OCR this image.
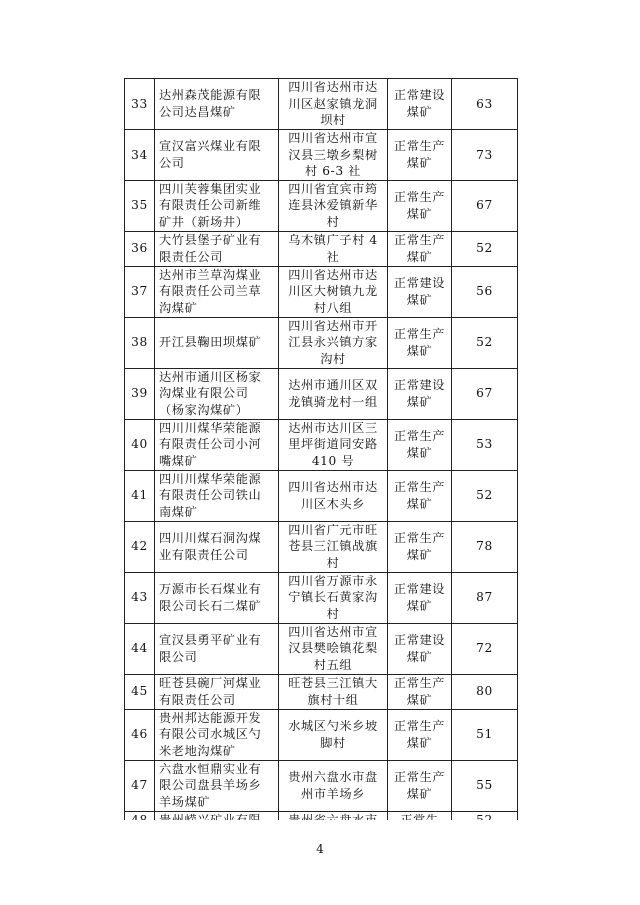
33	达州森茂能源有限公司达昌煤矿	四川省达州市达川区赵家镇龙洞坝村	正常建设煤矿	63
34	宣汉富兴煤业有限公司	四川省达州市宣汉县三墩乡梨树村 6-3 社	正常生产煤矿	73
35	四川芙蓉集团实业有限责任公司新维矿井（新场井）	四川省宜宾市筠连县沐爱镇新华村	正常生产煤矿	67
36	大竹县堡子矿业有限责任公司	乌木镇广子村 4 社	正常生产煤矿	52
37	达州市兰草沟煤业有限责任公司兰草沟煤矿	四川省达州市达川区大树镇九龙村八组	正常建设煤矿	56
38	开江县鞠田坝煤矿	四川省达州市开江县永兴镇方家沟村	正常生产煤矿	52
39	达州市通川区杨家沟煤业有限公司（杨家沟煤矿）	达州市通川区双龙镇骑龙村一组	正常建设煤矿	67
40	四川川煤华荣能源有限责任公司小河嘴煤矿	达州市达川区三里坪街道同安路 410 号	正常生产煤矿	53
41	四川川煤华荣能源有限责任公司铁山南煤矿	四川省达州市达川区木头乡	正常生产煤矿	52
42	四川川煤石洞沟煤业有限责任公司	四川省广元市旺苍县三江镇战旗村	正常生产煤矿	78
43	万源市长石煤业有限公司长石二煤矿	四川省万源市永宁镇长石黄家沟村	正常建设煤矿	87
44	宣汉县勇平矿业有限公司	四川省达州市宣汉县樊哙镇花梨村五组	正常建设煤矿	72
45	旺苍县碗厂河煤业有限责任公司	旺苍县三江镇大旗村十组	正常生产煤矿	80
46	贵州邦达能源开发有限公司水城区勺米老地沟煤矿	水城区勺米乡坡脚村	正常生产煤矿	51
47	六盘水恒鼎实业有限公司盘县羊场乡羊场煤矿	贵州六盘水市盘州市羊场乡	正常生产煤矿	55

4
